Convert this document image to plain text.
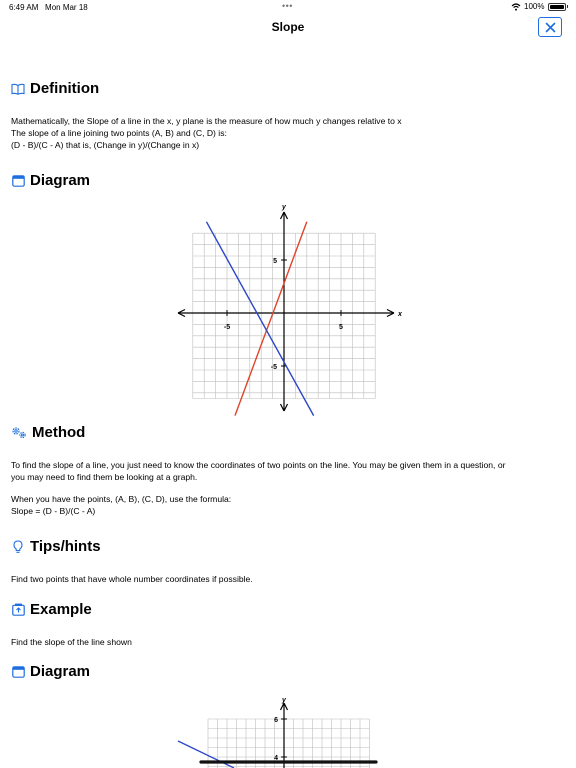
6:49 AM Mon Mar 18	•••	100%
Slope
Definition
Mathematically, the Slope of a line in the x, y plane is the measure of how much y changes relative to x
The slope of a line joining two points (A, B) and (C, D) is:
(D - B)/(C - A) that is, (Change in y)/(Change in x)
Diagram
-5	5
5
-5
x
y
Method
To find the slope of a line, you just need to know the coordinates of two points on the line. You may be given them in a question, or
you may need to find them be looking at a graph.
When you have the points, (A, B), (C, D), use the formula:
Slope = (D - B)/(C - A)
Tips/hints
Find two points that have whole number coordinates if possible.
Example
Find the slope of the line shown
Diagram
y
6
4
